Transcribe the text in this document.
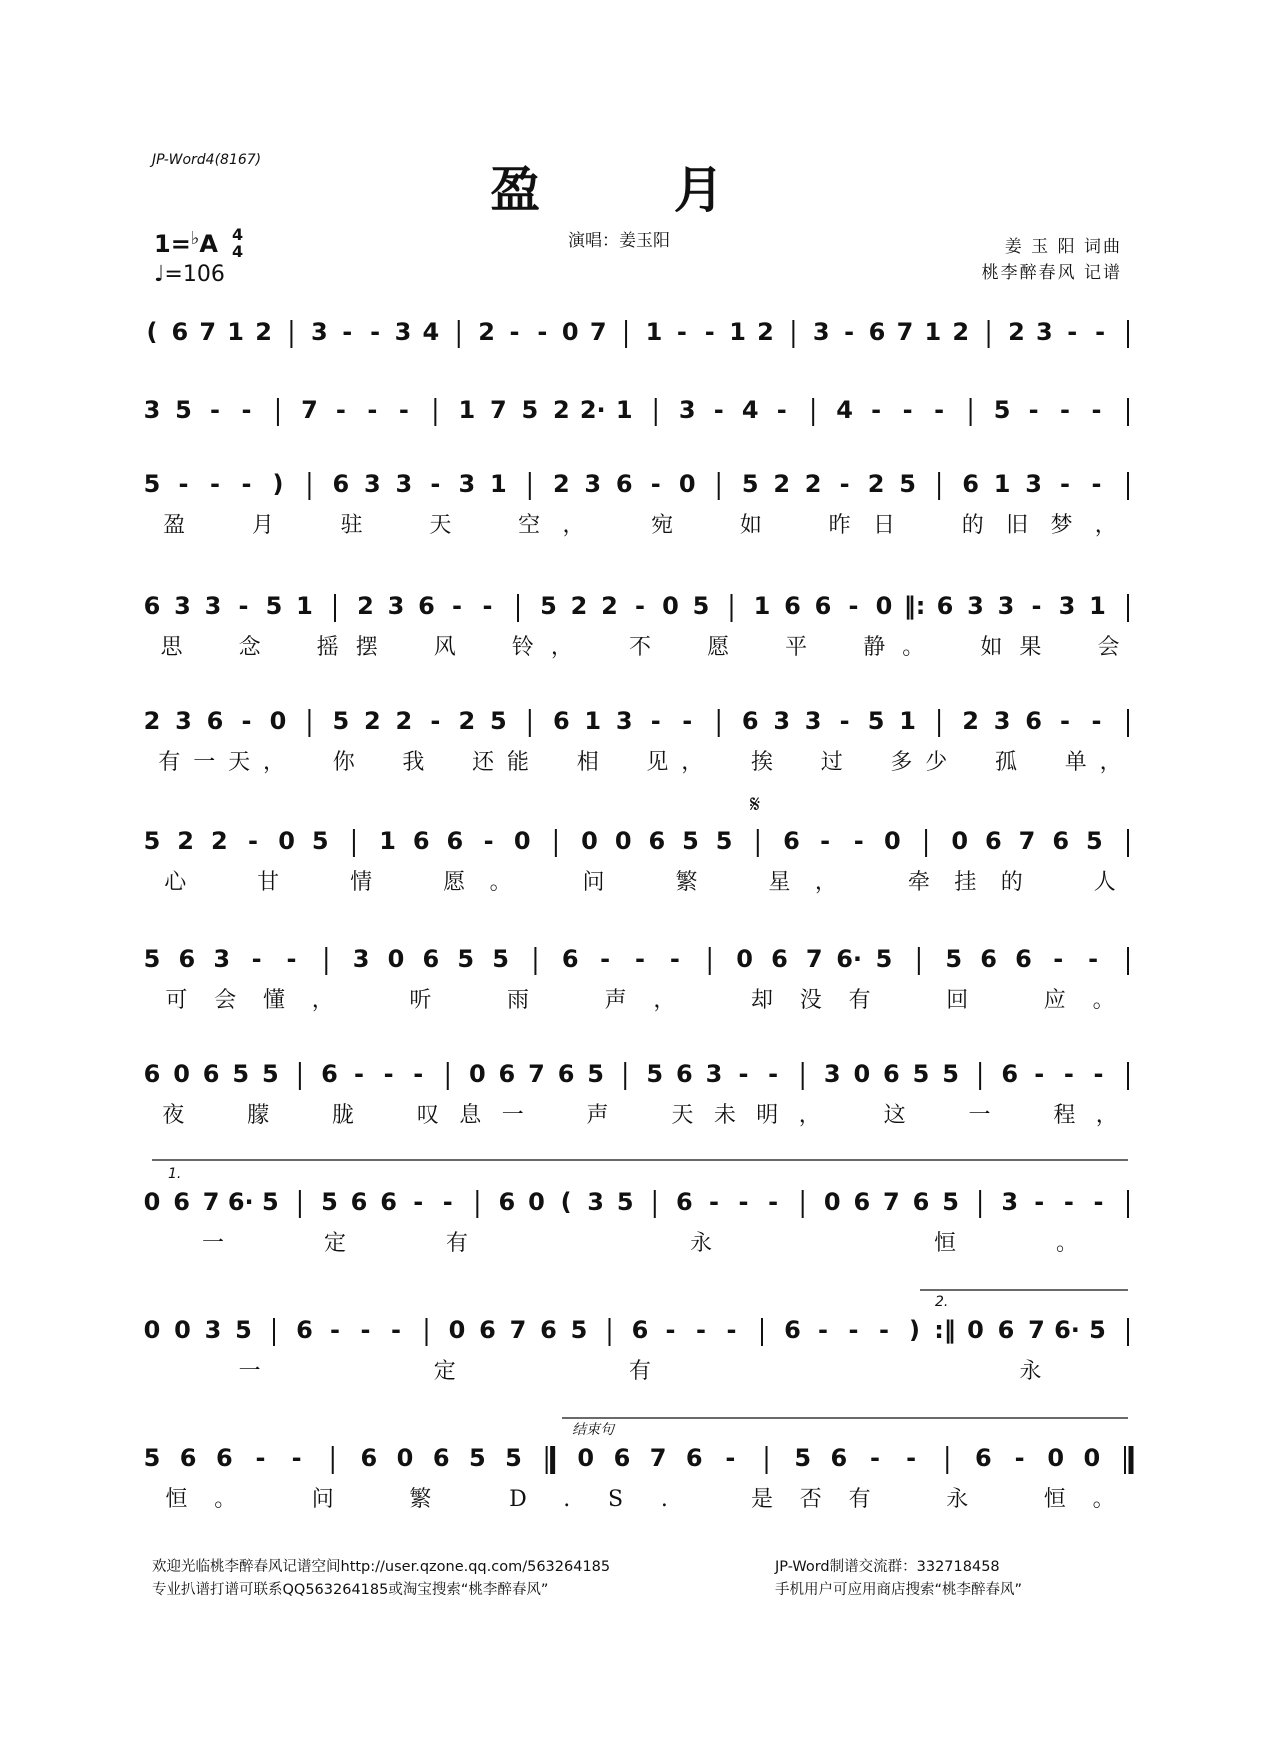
JP-Word4(8167)	盈 月
1=♭A 4
4
♩=106
演唱：姜玉阳	姜 玉 阳 词曲
桃李醉春风 记谱
( 6 7 1 2 3 - - 3 4 2 - - 0 7 1 - - 1 2 3 - 6 7 1 2 2 3 - -
3 5 - - 7 - - - 1 7 5 2 2· 1 3 - 4 - 4 - - - 5 - - -
5 - - - ) 6 3 3 - 3 1 2 3 6 - 0 5 2 2 - 2 5 6 1 3 - -
盈	月	驻	天	空 ，	宛	如	昨 日	的 旧 梦 ，
6 3 3 - 5 1 2 3 6 - - 5 2 2 - 0 5 1 6 6 - 0 ‖: 6 3 3 - 3 1
思	念	摇 摆	风	铃 ，	不	愿	平	静 。	如 果	会
2 3 6 - 0 5 2 2 - 2 5 6 1 3 - - 6 3 3 - 5 1 2 3 6 - -
有 一 天 ， 你 我 还 能 相 见 ， 挨 过 多 少 孤 单 ，
5 2 2 - 0 5 1 6 6 - 0 0 0 6 5 5 6 - - 0 0 6 7 6 5
心	甘	情	愿 。	问	繁	星 ，	牵 挂 的	人
5 6 3 - - 3 0 6 5 5 6 - - - 0 6 7 6· 5 5 6 6 - -
可 会 懂 ，	听	雨	声 ，	却 没 有	回	应 。
6 0 6 5 5 6 - - - 0 6 7 6 5 5 6 3 - - 3 0 6 5 5 6 - - -
夜	朦	胧	叹 息 一	声	天 未 明 ，	这	一	程 ，
0 6 7 6· 5 5 6 6 - - 6 0 ( 3 5 6 - - - 0 6 7 6 5 3 - - -
一	定	有	永	恒	。
0 0 3 5 6 - - - 0 6 7 6 5 6 - - - 6 - - - ) :‖ 0 6 7 6· 5
一	定	有	永
5 6 6 - - 6 0 6 5 5 0 6 7 6 - 5 6 - - 6 - 0 0
恒 。	问	繁	D . S .	是 否 有	永	恒 。
𝄋
1.
2.
结束句
欢迎光临桃李醉春风记谱空间http://user.qzone.qq.com/563264185	JP-Word制谱交流群：332718458
专业扒谱打谱可联系QQ563264185或淘宝搜索“桃李醉春风”	手机用户可应用商店搜索“桃李醉春风”
